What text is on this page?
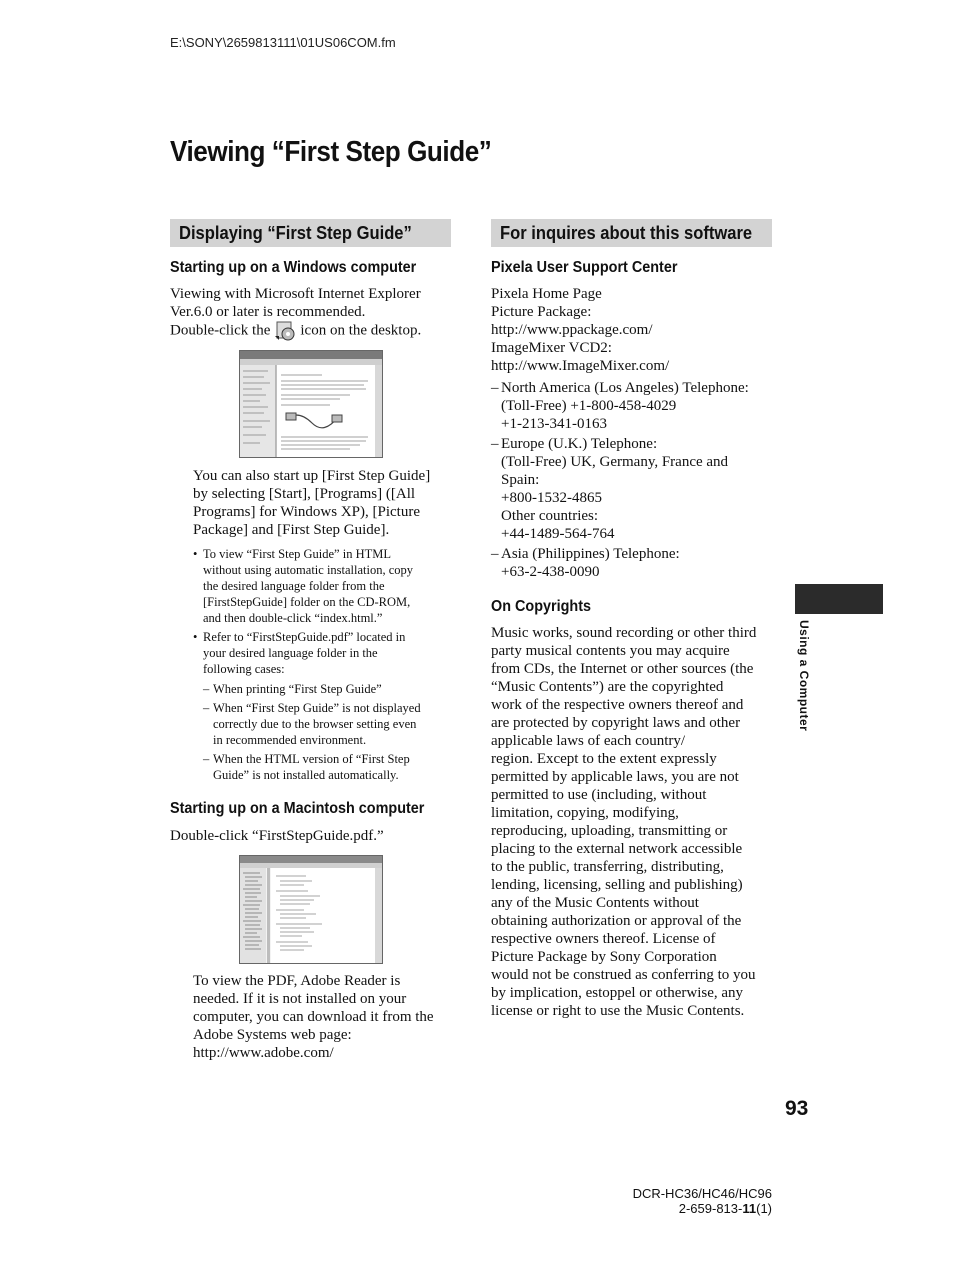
E:\SONY\2659813111\01US06COM.fm
Viewing “First Step Guide”
Displaying “First Step Guide”
Starting up on a Windows computer
Viewing with Microsoft Internet Explorer
Ver.6.0 or later is recommended.
Double-click the icon on the desktop.
You can also start up [First Step Guide]
by selecting [Start], [Programs] ([All
Programs] for Windows XP), [Picture
Package] and [First Step Guide].
• To view “First Step Guide” in HTML
without using automatic installation, copy
the desired language folder from the
[FirstStepGuide] folder on the CD-ROM,
and then double-click “index.html.”
• Refer to “FirstStepGuide.pdf” located in
your desired language folder in the
following cases:
– When printing “First Step Guide”
– When “First Step Guide” is not displayed
correctly due to the browser setting even
in recommended environment.
– When the HTML version of “First Step
Guide” is not installed automatically.
Starting up on a Macintosh computer
Double-click “FirstStepGuide.pdf.”
To view the PDF, Adobe Reader is
needed. If it is not installed on your
computer, you can download it from the
Adobe Systems web page:
http://www.adobe.com/
For inquires about this software
Pixela User Support Center
Pixela Home Page
Picture Package:
http://www.ppackage.com/
ImageMixer VCD2:
http://www.ImageMixer.com/
– North America (Los Angeles) Telephone:
(Toll-Free) +1-800-458-4029
+1-213-341-0163
– Europe (U.K.) Telephone:
(Toll-Free) UK, Germany, France and
Spain:
+800-1532-4865
Other countries:
+44-1489-564-764
– Asia (Philippines) Telephone:
+63-2-438-0090
On Copyrights
Music works, sound recording or other third
party musical contents you may acquire
from CDs, the Internet or other sources (the
“Music Contents”) are the copyrighted
work of the respective owners thereof and
are protected by copyright laws and other
applicable laws of each country/
region. Except to the extent expressly
permitted by applicable laws, you are not
permitted to use (including, without
limitation, copying, modifying,
reproducing, uploading, transmitting or
placing to the external network accessible
to the public, transferring, distributing,
lending, licensing, selling and publishing)
any of the Music Contents without
obtaining authorization or approval of the
respective owners thereof. License of
Picture Package by Sony Corporation
would not be construed as conferring to you
by implication, estoppel or otherwise, any
license or right to use the Music Contents.
Using a Computer
93
DCR-HC36/HC46/HC96
2-659-813-11(1)
